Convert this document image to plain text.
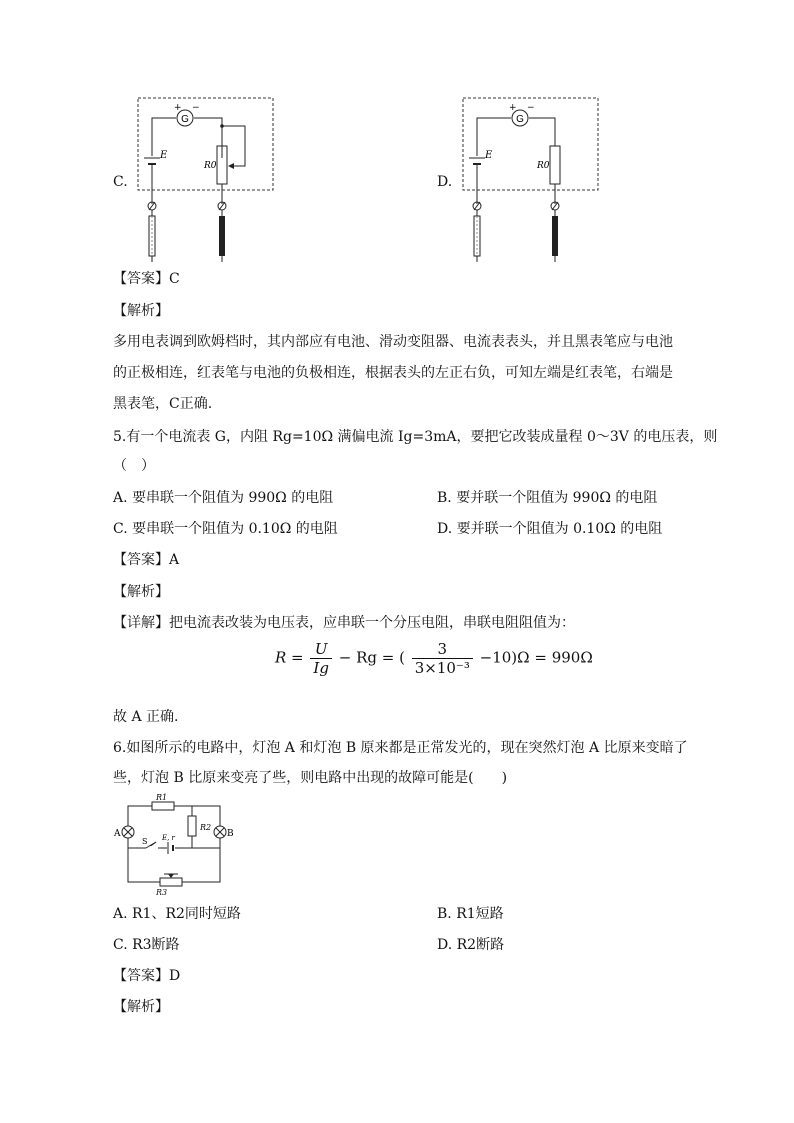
C.
G
+ −
E
R0
D.
G
+ −
E
R0
【答案】C
【解析】
多用电表调到欧姆档时，其内部应有电池、滑动变阻器、电流表表头，并且黑表笔应与电池的正极相连，红表笔与电池的负极相连，根据表头的左正右负，可知左端是红表笔，右端是黑表笔，C正确.
5.有一个电流表 G，内阻 Rg=10Ω 满偏电流 Ig=3mA，要把它改装成量程 0～3V 的电压表，则
（　）
A. 要串联一个阻值为 990Ω 的电阻	B. 要并联一个阻值为 990Ω 的电阻
C. 要串联一个阻值为 0.10Ω 的电阻	D. 要并联一个阻值为 0.10Ω 的电阻
【答案】A
【解析】
【详解】把电流表改装为电压表，应串联一个分压电阻，串联电阻阻值为：
$R = \frac{U}{Ig} - Rg$ = ( $\frac{3}{\text{3×10⁻³}} -10)\Omega = 990\Omega$
故 A 正确.
6.如图所示的电路中，灯泡 A 和灯泡 B 原来都是正常发光的，现在突然灯泡 A 比原来变暗了
些，灯泡 B 比原来变亮了些，则电路中出现的故障可能是(　　)
R1
R2
A	B
S E, r
R3
A. R1、R2同时短路	B. R1短路
C. R3断路	D. R2断路
【答案】D
【解析】
